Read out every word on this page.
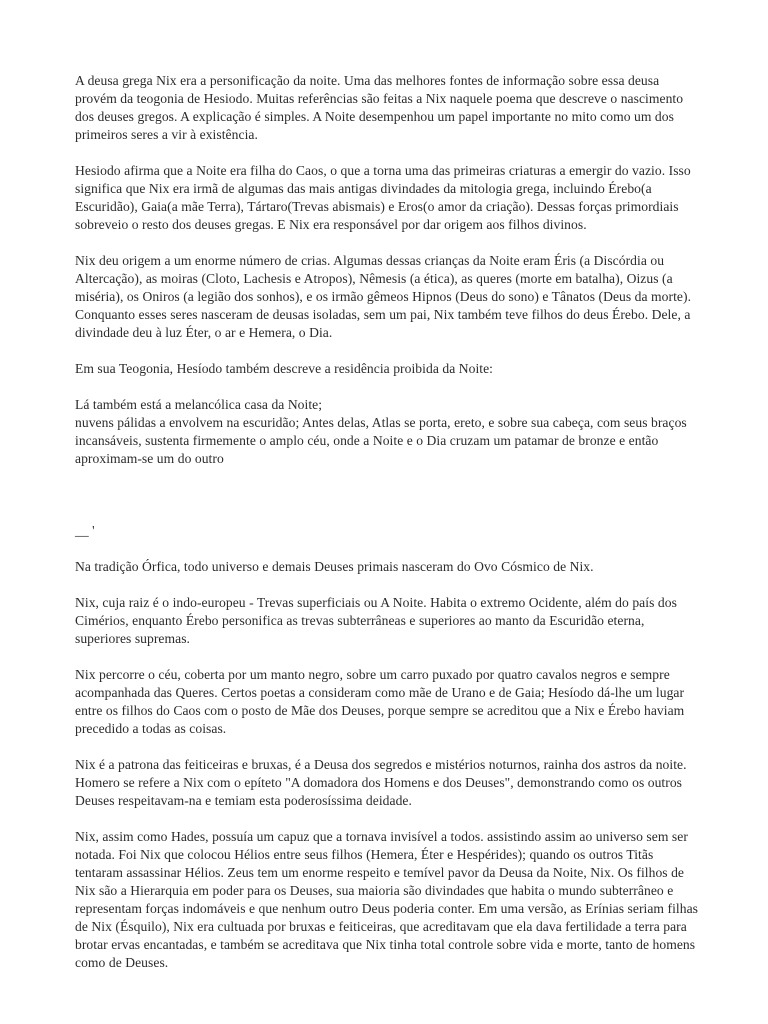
A deusa grega Nix era a personificação da noite. Uma das melhores fontes de informação sobre essa deusa provém da teogonia de Hesiodo. Muitas referências são feitas a Nix naquele poema que descreve o nascimento dos deuses gregos. A explicação é simples. A Noite desempenhou um papel importante no mito como um dos primeiros seres a vir à existência.

Hesiodo afirma que a Noite era filha do Caos, o que a torna uma das primeiras criaturas a emergir do vazio. Isso significa que Nix era irmã de algumas das mais antigas divindades da mitologia grega, incluindo Érebo(a Escuridão), Gaia(a mãe Terra), Tártaro(Trevas abismais) e Eros(o amor da criação). Dessas forças primordiais sobreveio o resto dos deuses gregas. E Nix era responsável por dar origem aos filhos divinos.

Nix deu origem a um enorme número de crias. Algumas dessas crianças da Noite eram Éris (a Discórdia ou Altercação), as moiras (Cloto, Lachesis e Atropos), Nêmesis (a ética), as queres (morte em batalha), Oizus (a miséria), os Oniros (a legião dos sonhos), e os irmão gêmeos Hipnos (Deus do sono) e Tânatos (Deus da morte). Conquanto esses seres nasceram de deusas isoladas, sem um pai, Nix também teve filhos do deus Érebo. Dele, a divindade deu à luz Éter, o ar e Hemera, o Dia.

Em sua Teogonia, Hesíodo também descreve a residência proibida da Noite:

Lá também está a melancólica casa da Noite;

nuvens pálidas a envolvem na escuridão; Antes delas, Atlas se porta, ereto, e sobre sua cabeça, com seus braços incansáveis, sustenta firmemente o amplo céu, onde a Noite e o Dia cruzam um patamar de bronze e então aproximam-se um do outro

__ '

Na tradição Órfica, todo universo e demais Deuses primais nasceram do Ovo Cósmico de Nix.

Nix, cuja raiz é o indo-europeu - Trevas superficiais ou A Noite. Habita o extremo Ocidente, além do país dos Cimérios, enquanto Érebo personifica as trevas subterrâneas e superiores ao manto da Escuridão eterna, superiores supremas.

Nix percorre o céu, coberta por um manto negro, sobre um carro puxado por quatro cavalos negros e sempre acompanhada das Queres. Certos poetas a consideram como mãe de Urano e de Gaia; Hesíodo dá-lhe um lugar entre os filhos do Caos com o posto de Mãe dos Deuses, porque sempre se acreditou que a Nix e Érebo haviam precedido a todas as coisas.

Nix é a patrona das feiticeiras e bruxas, é a Deusa dos segredos e mistérios noturnos, rainha dos astros da noite. Homero se refere a Nix com o epíteto "A domadora dos Homens e dos Deuses", demonstrando como os outros Deuses respeitavam-na e temiam esta poderosíssima deidade.

Nix, assim como Hades, possuía um capuz que a tornava invisível a todos. assistindo assim ao universo sem ser notada. Foi Nix que colocou Hélios entre seus filhos (Hemera, Éter e Hespérides); quando os outros Titãs tentaram assassinar Hélios. Zeus tem um enorme respeito e temível pavor da Deusa da Noite, Nix. Os filhos de Nix são a Hierarquia em poder para os Deuses, sua maioria são divindades que habita o mundo subterrâneo e representam forças indomáveis e que nenhum outro Deus poderia conter. Em uma versão, as Erínias seriam filhas de Nix (Ésquilo), Nix era cultuada por bruxas e feiticeiras, que acreditavam que ela dava fertilidade a terra para brotar ervas encantadas, e também se acreditava que Nix tinha total controle sobre vida e morte, tanto de homens como de Deuses.
